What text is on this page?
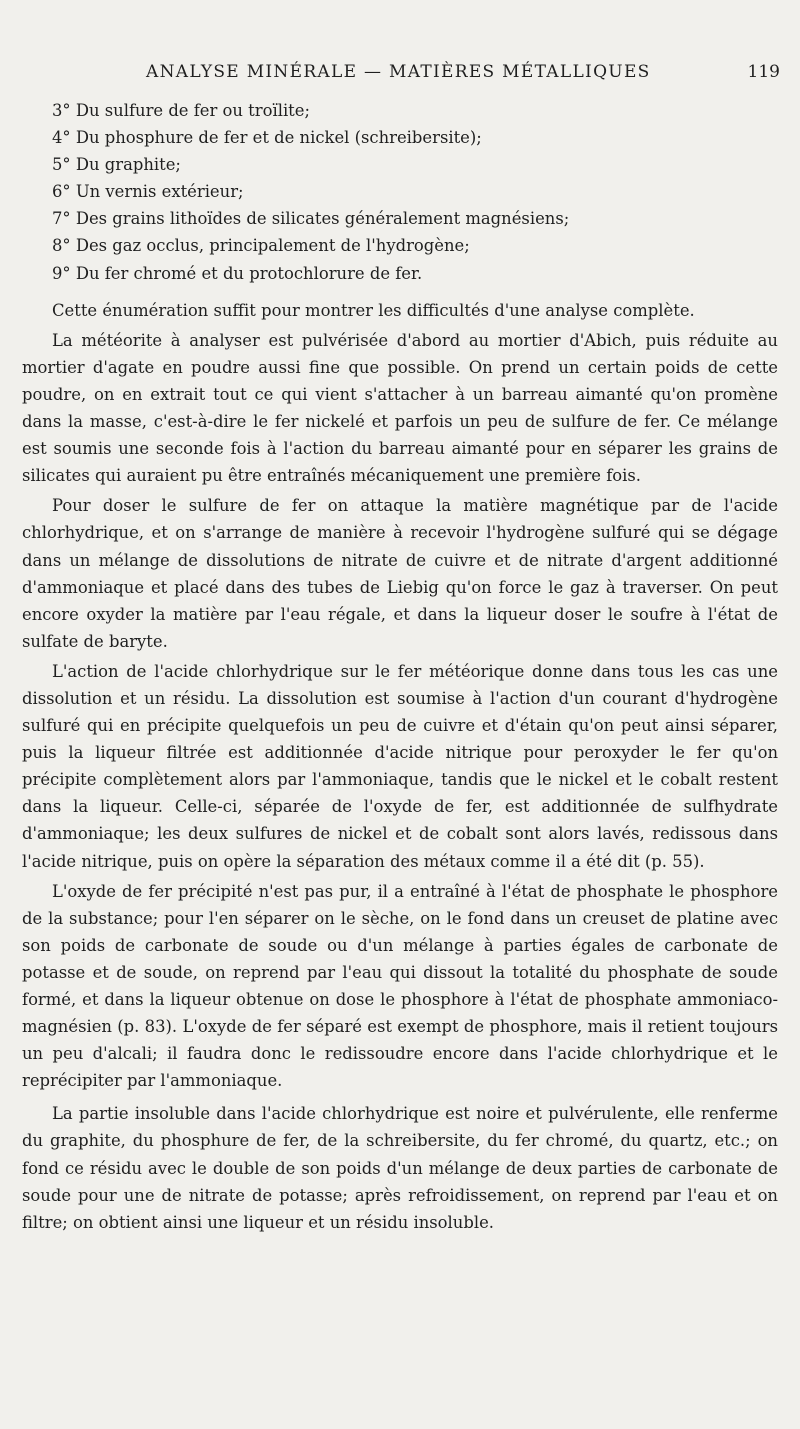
ANALYSE MINÉRALE — MATIÈRES MÉTALLIQUES	119
3° Du sulfure de fer ou troïlite;
4° Du phosphure de fer et de nickel (schreibersite);
5° Du graphite;
6° Un vernis extérieur;
7° Des grains lithoïdes de silicates généralement magnésiens;
8° Des gaz occlus, principalement de l'hydrogène;
9° Du fer chromé et du protochlorure de fer.

Cette énumération suffit pour montrer les difficultés d'une analyse complète.

La météorite à analyser est pulvérisée d'abord au mortier d'Abich, puis réduite au mortier d'agate en poudre aussi fine que possible. On prend un certain poids de cette poudre, on en extrait tout ce qui vient s'attacher à un barreau aimanté qu'on promène dans la masse, c'est-à-dire le fer nickelé et parfois un peu de sulfure de fer. Ce mélange est soumis une seconde fois à l'action du barreau aimanté pour en séparer les grains de silicates qui auraient pu être entraînés mécaniquement une première fois.

Pour doser le sulfure de fer on attaque la matière magnétique par de l'acide chlorhydrique, et on s'arrange de manière à recevoir l'hydrogène sulfuré qui se dégage dans un mélange de dissolutions de nitrate de cuivre et de nitrate d'argent additionné d'ammoniaque et placé dans des tubes de Liebig qu'on force le gaz à traverser. On peut encore oxyder la matière par l'eau régale, et dans la liqueur doser le soufre à l'état de sulfate de baryte.

L'action de l'acide chlorhydrique sur le fer météorique donne dans tous les cas une dissolution et un résidu. La dissolution est soumise à l'action d'un courant d'hydrogène sulfuré qui en précipite quelquefois un peu de cuivre et d'étain qu'on peut ainsi séparer, puis la liqueur filtrée est additionnée d'acide nitrique pour peroxyder le fer qu'on précipite complètement alors par l'ammoniaque, tandis que le nickel et le cobalt restent dans la liqueur. Celle-ci, séparée de l'oxyde de fer, est additionnée de sulfhydrate d'ammoniaque; les deux sulfures de nickel et de cobalt sont alors lavés, redissous dans l'acide nitrique, puis on opère la séparation des métaux comme il a été dit (p. 55).

L'oxyde de fer précipité n'est pas pur, il a entraîné à l'état de phosphate le phosphore de la substance; pour l'en séparer on le sèche, on le fond dans un creuset de platine avec son poids de carbonate de soude ou d'un mélange à parties égales de carbonate de potasse et de soude, on reprend par l'eau qui dissout la totalité du phosphate de soude formé, et dans la liqueur obtenue on dose le phosphore à l'état de phosphate ammoniaco-magnésien (p. 83). L'oxyde de fer séparé est exempt de phosphore, mais il retient toujours un peu d'alcali; il faudra donc le redissoudre encore dans l'acide chlorhydrique et le reprécipiter par l'ammoniaque.

La partie insoluble dans l'acide chlorhydrique est noire et pulvérulente, elle renferme du graphite, du phosphure de fer, de la schreibersite, du fer chromé, du quartz, etc.; on fond ce résidu avec le double de son poids d'un mélange de deux parties de carbonate de soude pour une de nitrate de potasse; après refroidissement, on reprend par l'eau et on filtre; on obtient ainsi une liqueur et un résidu insoluble.
